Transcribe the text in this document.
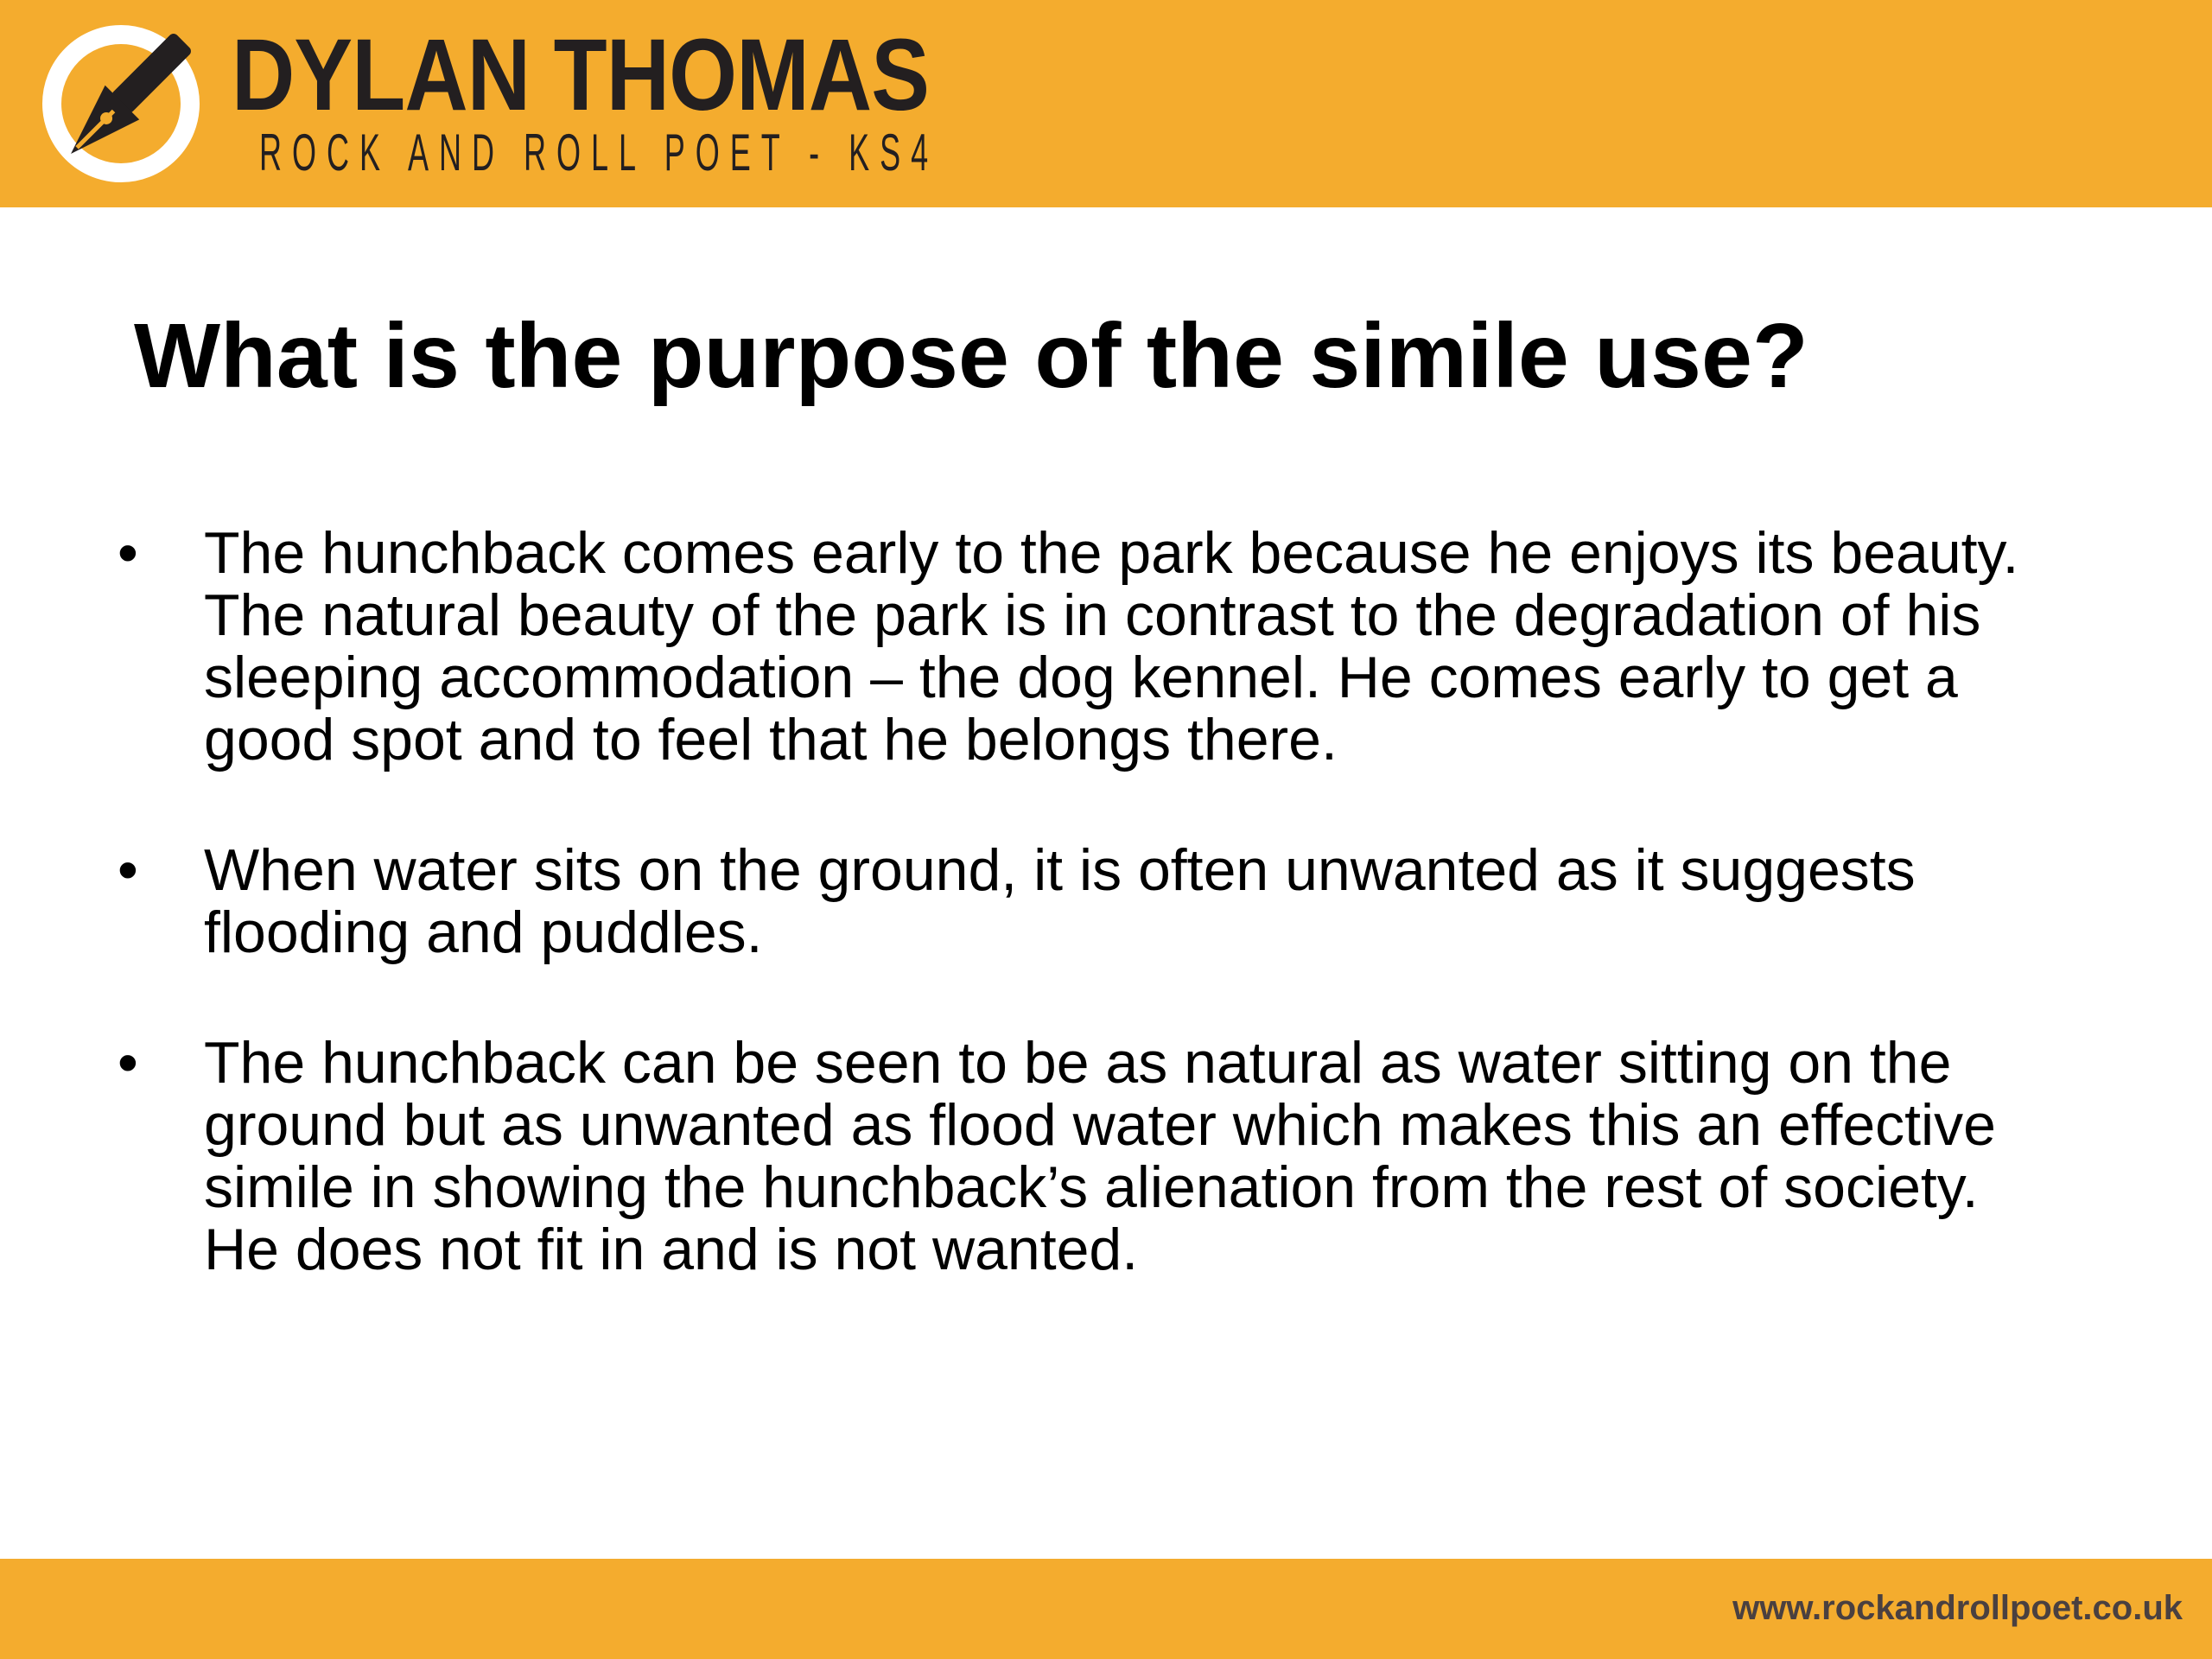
DYLAN THOMAS
ROCK AND ROLL POET - KS4
What is the purpose of the simile use?
• The hunchback comes early to the park because he enjoys its beauty. The natural beauty of the park is in contrast to the degradation of his sleeping accommodation – the dog kennel. He comes early to get a good spot and to feel that he belongs there.
• When water sits on the ground, it is often unwanted as it suggests flooding and puddles.
• The hunchback can be seen to be as natural as water sitting on the ground but as unwanted as flood water which makes this an effective simile in showing the hunchback’s alienation from the rest of society. He does not fit in and is not wanted.
www.rockandrollpoet.co.uk
